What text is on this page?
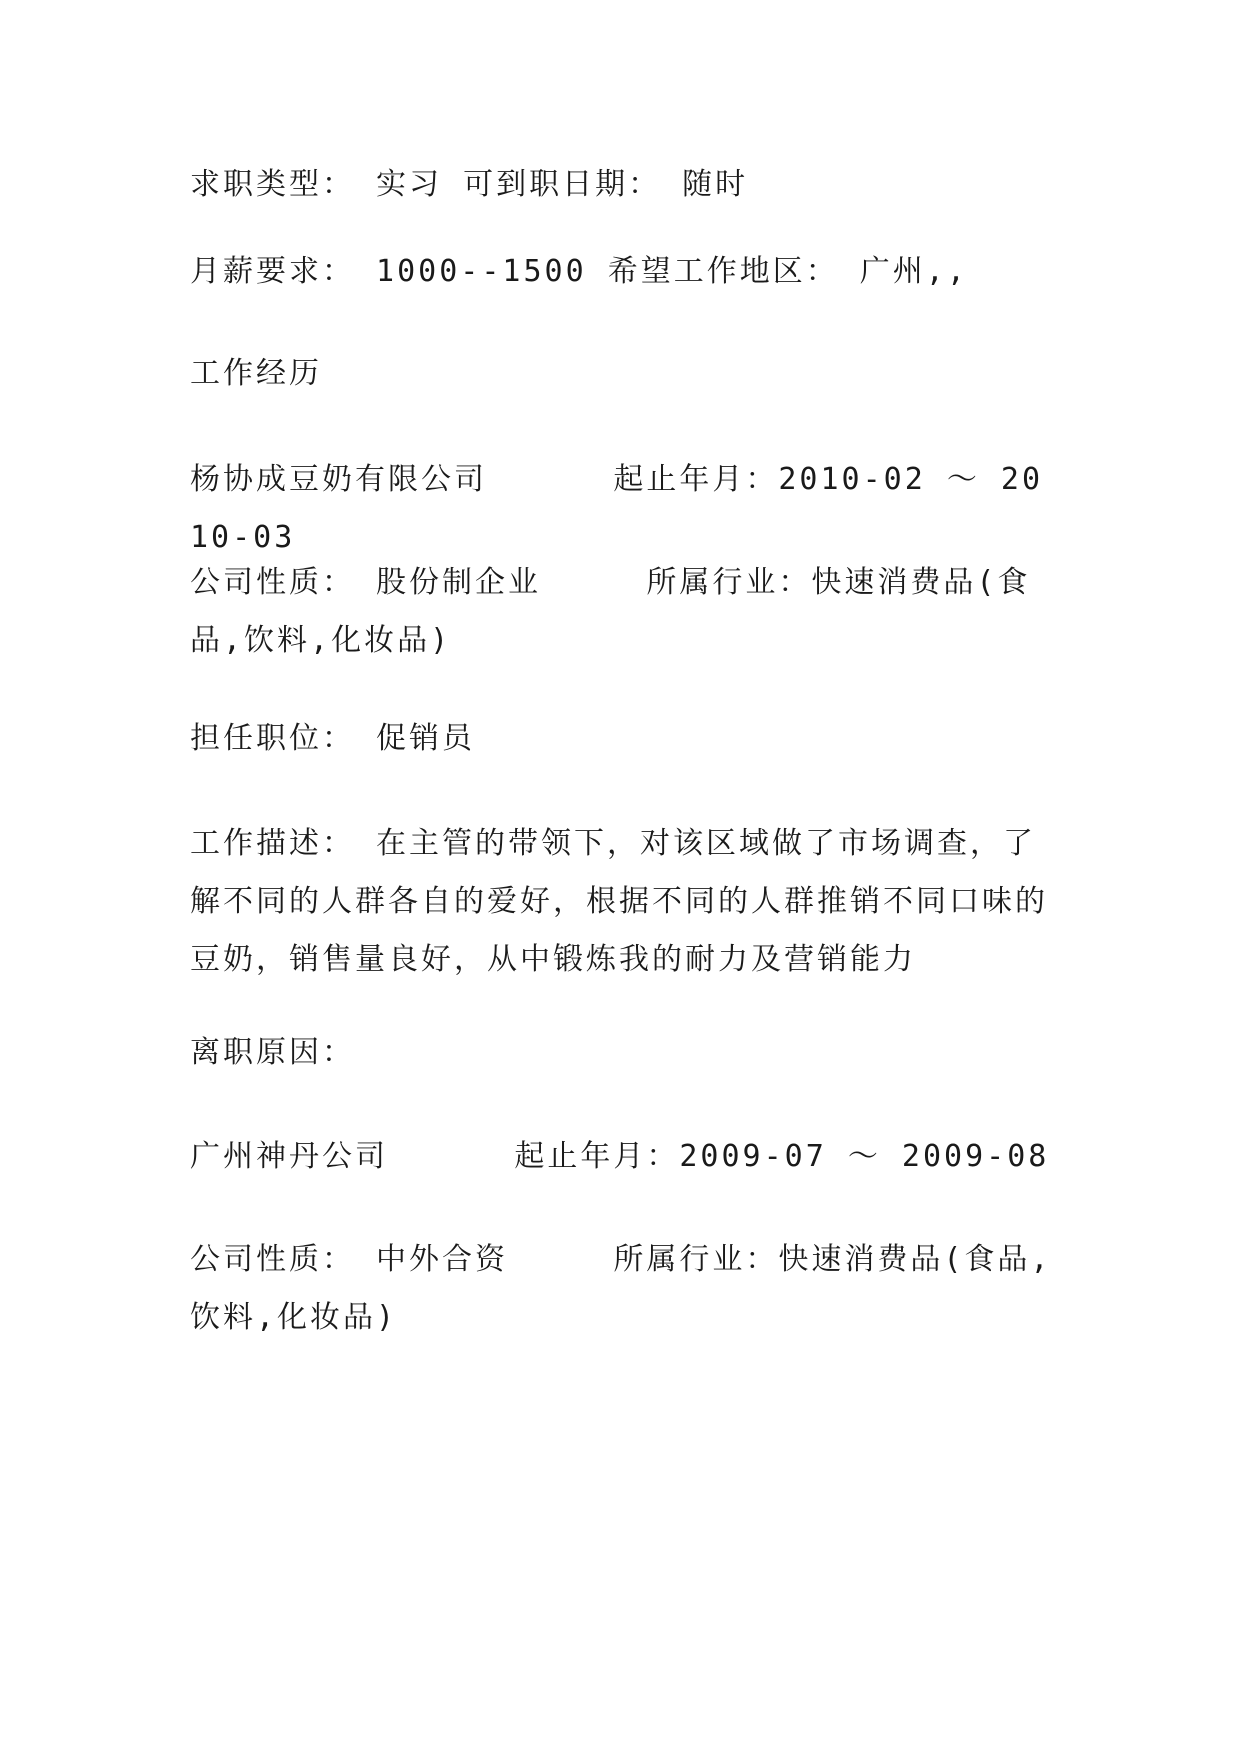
求职类型： 实习 可到职日期： 随时
月薪要求： 1000--1500 希望工作地区： 广州,,
工作经历
杨协成豆奶有限公司      起止年月：2010-02 ～ 2010-03
公司性质： 股份制企业     所属行业：快速消费品(食品,饮料,化妆品)
担任职位： 促销员
工作描述： 在主管的带领下，对该区域做了市场调查，了解不同的人群各自的爱好，根据不同的人群推销不同口味的豆奶，销售量良好，从中锻炼我的耐力及营销能力
离职原因：
广州神丹公司      起止年月：2009-07 ～ 2009-08
公司性质： 中外合资     所属行业：快速消费品(食品,饮料,化妆品)
